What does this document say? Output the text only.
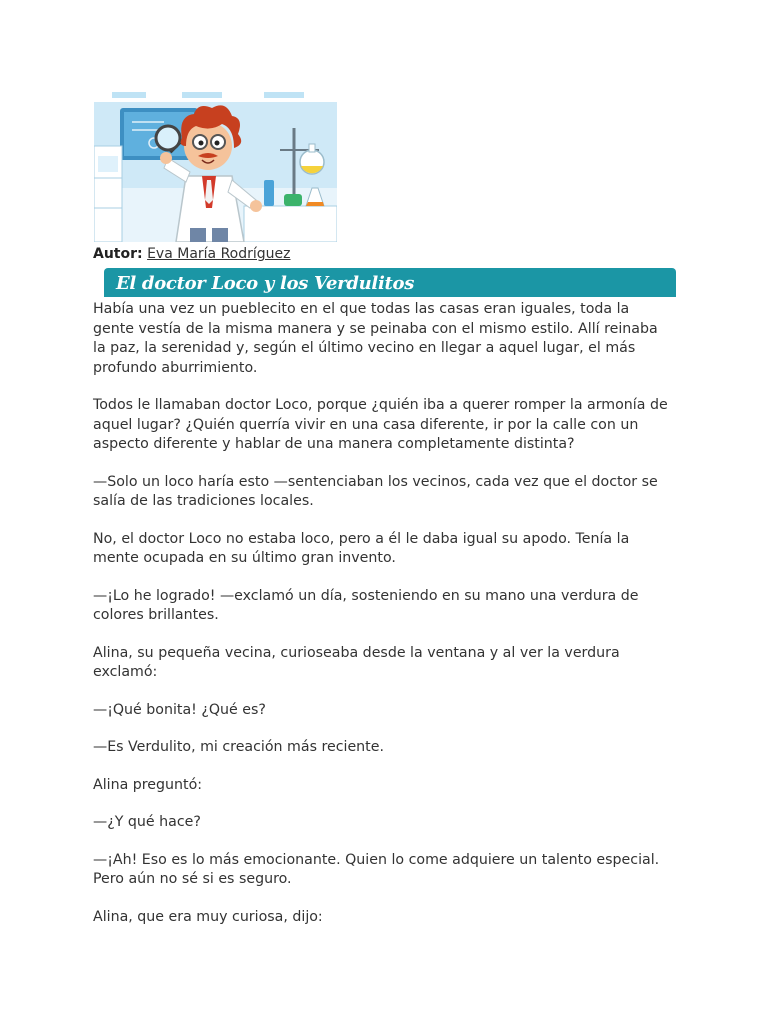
Autor: Eva María Rodríguez
El doctor Loco y los Verdulitos

Había una vez un pueblecito en el que todas las casas eran iguales, toda la gente vestía de la misma manera y se peinaba con el mismo estilo. Allí reinaba la paz, la serenidad y, según el último vecino en llegar a aquel lugar, el más profundo aburrimiento.

Todos le llamaban doctor Loco, porque ¿quién iba a querer romper la armonía de aquel lugar? ¿Quién querría vivir en una casa diferente, ir por la calle con un aspecto diferente y hablar de una manera completamente distinta?

—Solo un loco haría esto —sentenciaban los vecinos, cada vez que el doctor se salía de las tradiciones locales.

No, el doctor Loco no estaba loco, pero a él le daba igual su apodo. Tenía la mente ocupada en su último gran invento.

—¡Lo he logrado! —exclamó un día, sosteniendo en su mano una verdura de colores brillantes.

Alina, su pequeña vecina, curioseaba desde la ventana y al ver la verdura exclamó:

—¡Qué bonita! ¿Qué es?

—Es Verdulito, mi creación más reciente.

Alina preguntó:

—¿Y qué hace?

—¡Ah! Eso es lo más emocionante. Quien lo come adquiere un talento especial. Pero aún no sé si es seguro.

Alina, que era muy curiosa, dijo:
